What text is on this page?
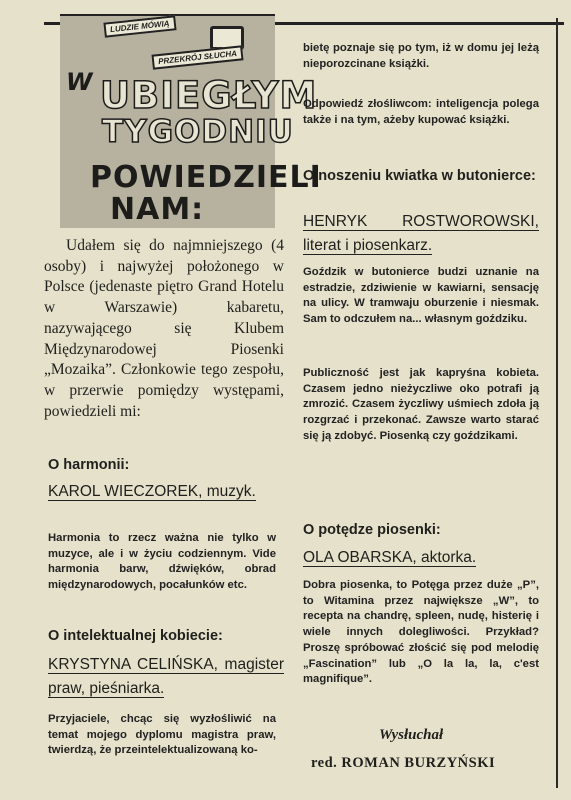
LUDZIE MÓWIĄ
PRZEKRÓJ SŁUCHA
W UBIEGŁYM
TYGODNIU
POWIEDZIELI
NAM:
Udałem się do najmniejszego (4 osoby) i najwyżej położonego w Polsce (jedenaste piętro Grand Hotelu w Warszawie) kabaretu, nazywającego się Klubem Międzynarodowej Piosenki „Mozaika”. Członkowie tego zespołu, w przerwie pomiędzy występami, powiedzieli mi:
O harmonii:
KAROL WIECZOREK, muzyk.
Harmonia to rzecz ważna nie tylko w muzyce, ale i w życiu codziennym. Vide harmonia barw, dźwięków, obrad międzynarodowych, pocałunków etc.
O intelektualnej kobiecie:
KRYSTYNA CELIŃSKA, magister praw, pieśniarka.
Przyjaciele, chcąc się wyzłośliwić na temat mojego dyplomu magistra praw, twierdzą, że przeintelektualizowaną ko-
bietę poznaje się po tym, iż w domu jej leżą nieporozcinane książki.
Odpowiedź złośliwcom: inteligencja polega także i na tym, ażeby kupować książki.
O noszeniu kwiatka w butonierce:
HENRYK ROSTWOROWSKI, literat i piosenkarz.
Goździk w butonierce budzi uznanie na estradzie, zdziwienie w kawiarni, sensację na ulicy. W tramwaju oburzenie i niesmak. Sam to odczułem na... własnym goździku.
Publiczność jest jak kapryśna kobieta. Czasem jedno nieżyczliwe oko potrafi ją zmrozić. Czasem życzliwy uśmiech zdoła ją rozgrzać i przekonać. Zawsze warto starać się ją zdobyć. Piosenką czy goździkami.
O potędze piosenki:
OLA OBARSKA, aktorka.
Dobra piosenka, to Potęga przez duże „P”, to Witamina przez największe „W”, to recepta na chandrę, spleen, nudę, histerię i wiele innych dolegliwości. Przykład? Proszę spróbować złościć się pod melodię „Fascination” lub „O la la, la, c'est magnifique”.
Wysłuchał
red. ROMAN BURZYŃSKI
